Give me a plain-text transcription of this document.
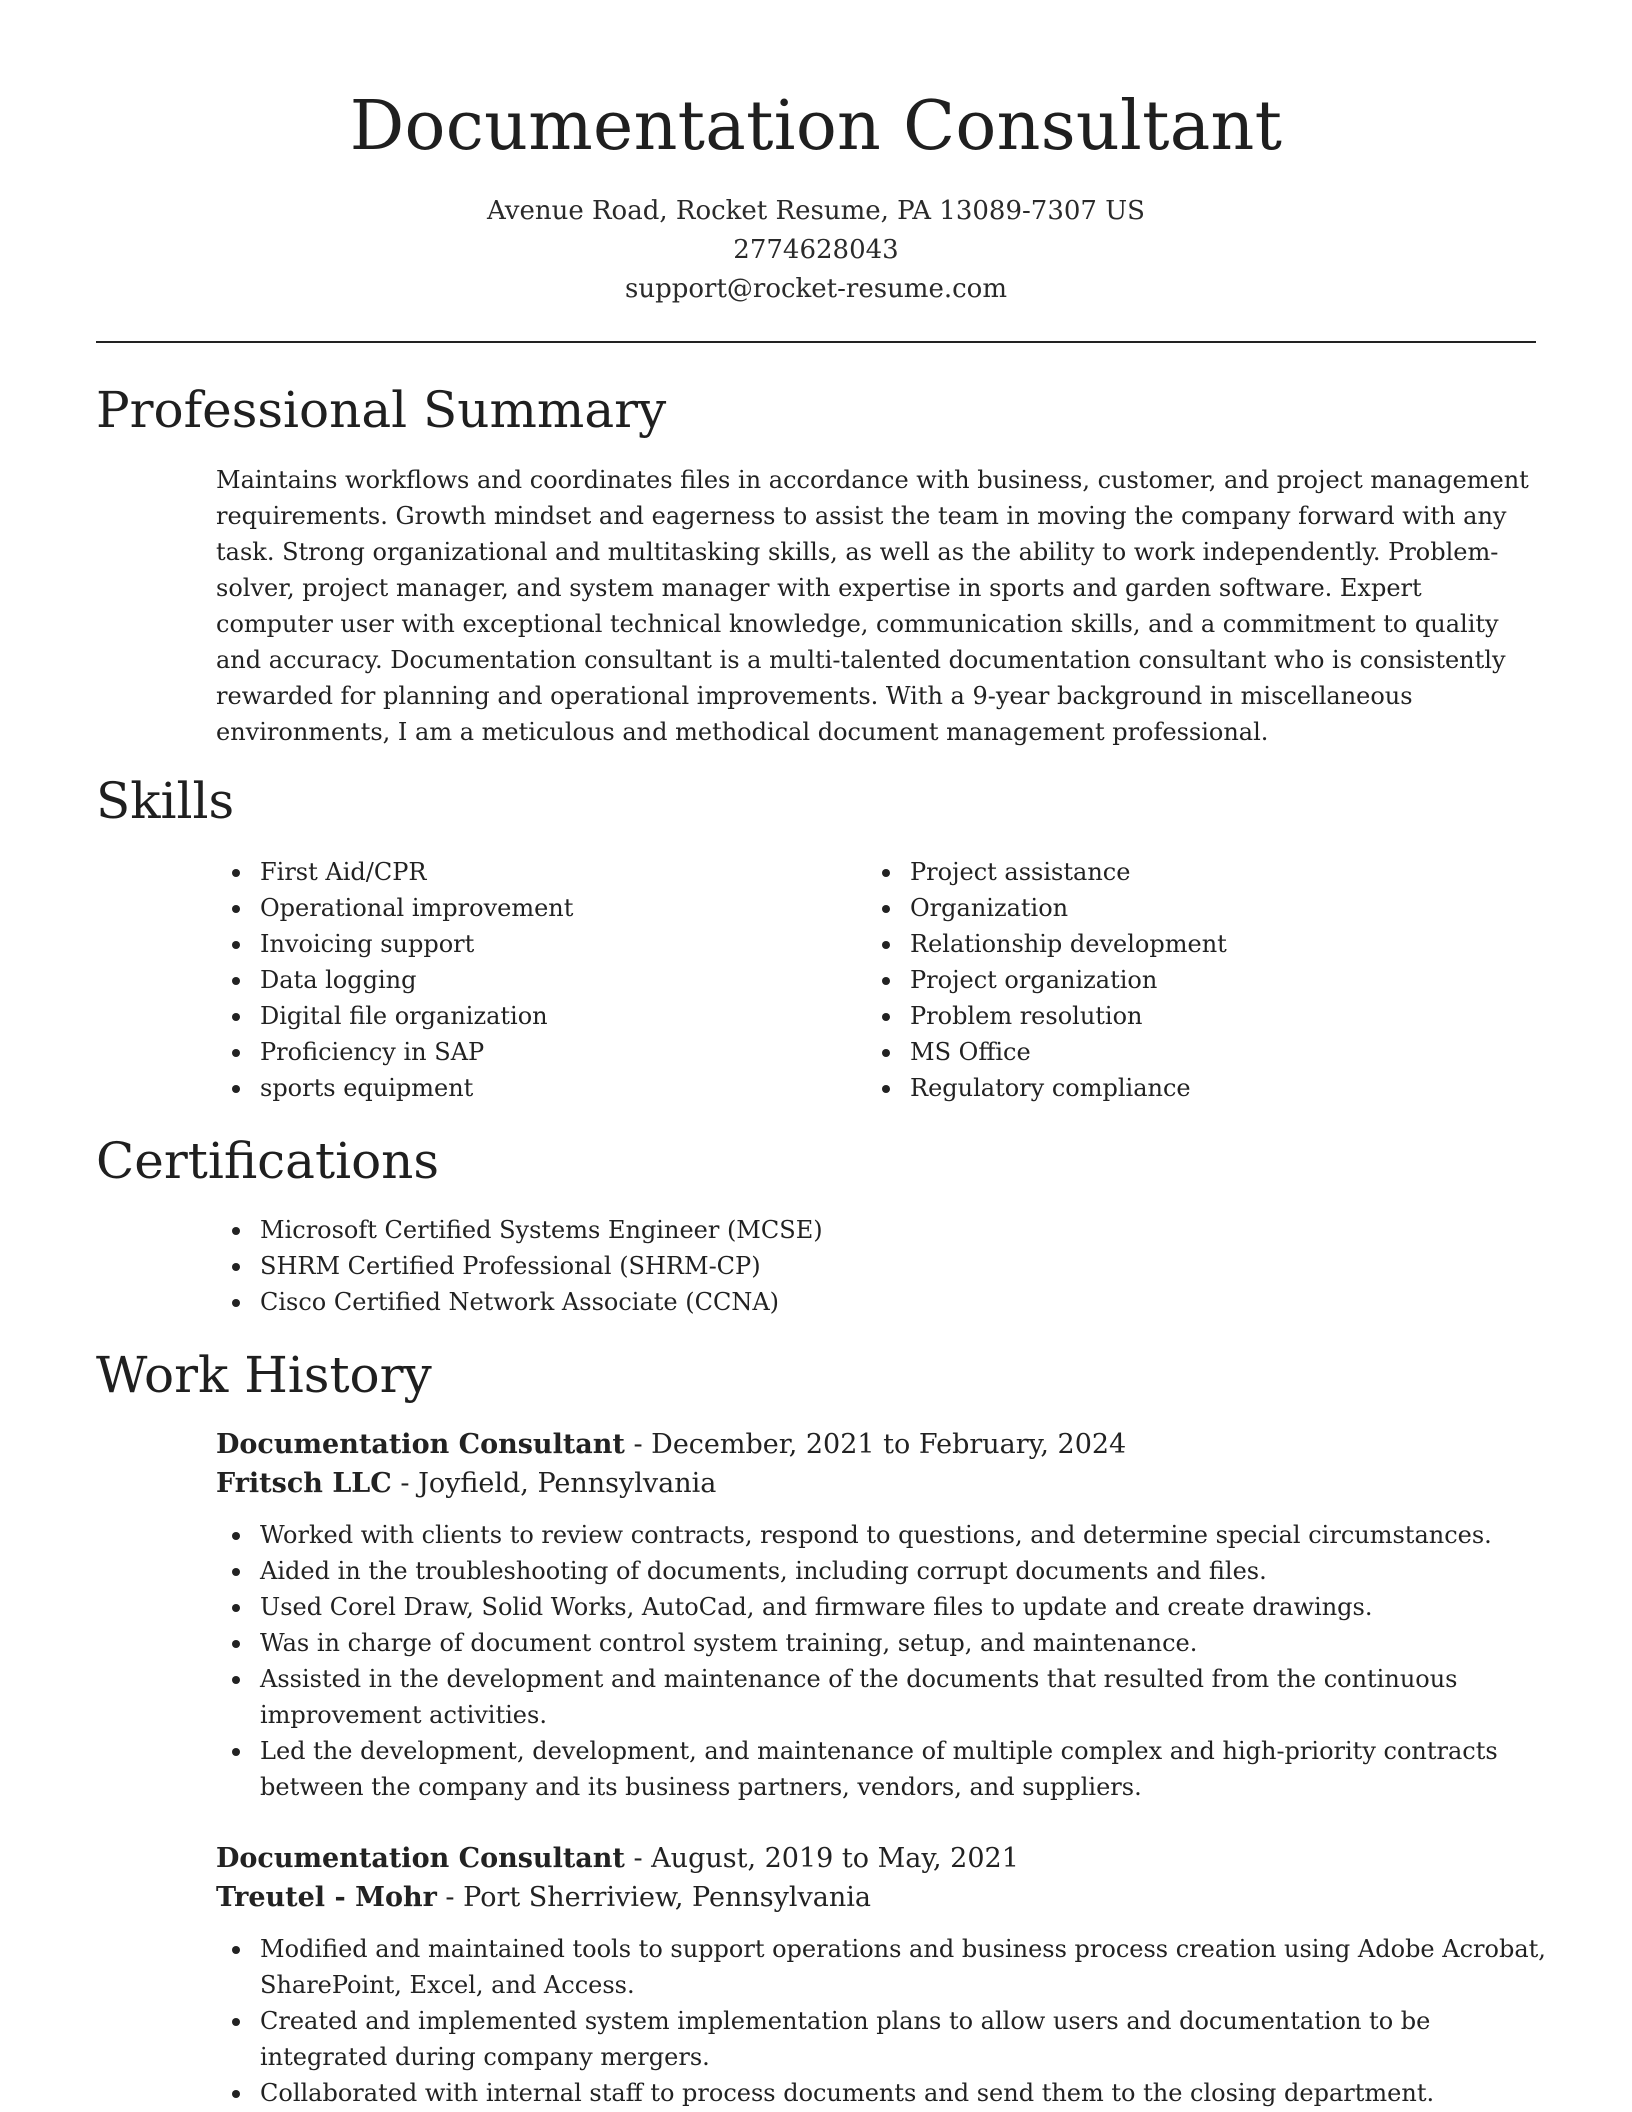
Documentation Consultant
Avenue Road, Rocket Resume, PA 13089-7307 US
2774628043
support@rocket-resume.com
Professional Summary

Maintains workflows and coordinates files in accordance with business, customer, and project management requirements. Growth mindset and eagerness to assist the team in moving the company forward with any task. Strong organizational and multitasking skills, as well as the ability to work independently. Problem-solver, project manager, and system manager with expertise in sports and garden software. Expert computer user with exceptional technical knowledge, communication skills, and a commitment to quality and accuracy. Documentation consultant is a multi-talented documentation consultant who is consistently rewarded for planning and operational improvements. With a 9-year background in miscellaneous environments, I am a meticulous and methodical document management professional.

Skills
First Aid/CPR
Operational improvement
Invoicing support
Data logging
Digital file organization
Proficiency in SAP
sports equipment
Project assistance
Organization
Relationship development
Project organization
Problem resolution
MS Office
Regulatory compliance
Certifications
Microsoft Certified Systems Engineer (MCSE)
SHRM Certified Professional (SHRM-CP)
Cisco Certified Network Associate (CCNA)
Work History
Documentation Consultant - December, 2021 to February, 2024
Fritsch LLC - Joyfield, Pennsylvania
Worked with clients to review contracts, respond to questions, and determine special circumstances.
Aided in the troubleshooting of documents, including corrupt documents and files.
Used Corel Draw, Solid Works, AutoCad, and firmware files to update and create drawings.
Was in charge of document control system training, setup, and maintenance.
Assisted in the development and maintenance of the documents that resulted from the continuous improvement activities.
Led the development, development, and maintenance of multiple complex and high-priority contracts between the company and its business partners, vendors, and suppliers.
Documentation Consultant - August, 2019 to May, 2021
Treutel - Mohr - Port Sherriview, Pennsylvania
Modified and maintained tools to support operations and business process creation using Adobe Acrobat, SharePoint, Excel, and Access.
Created and implemented system implementation plans to allow users and documentation to be integrated during company mergers.
Collaborated with internal staff to process documents and send them to the closing department.
